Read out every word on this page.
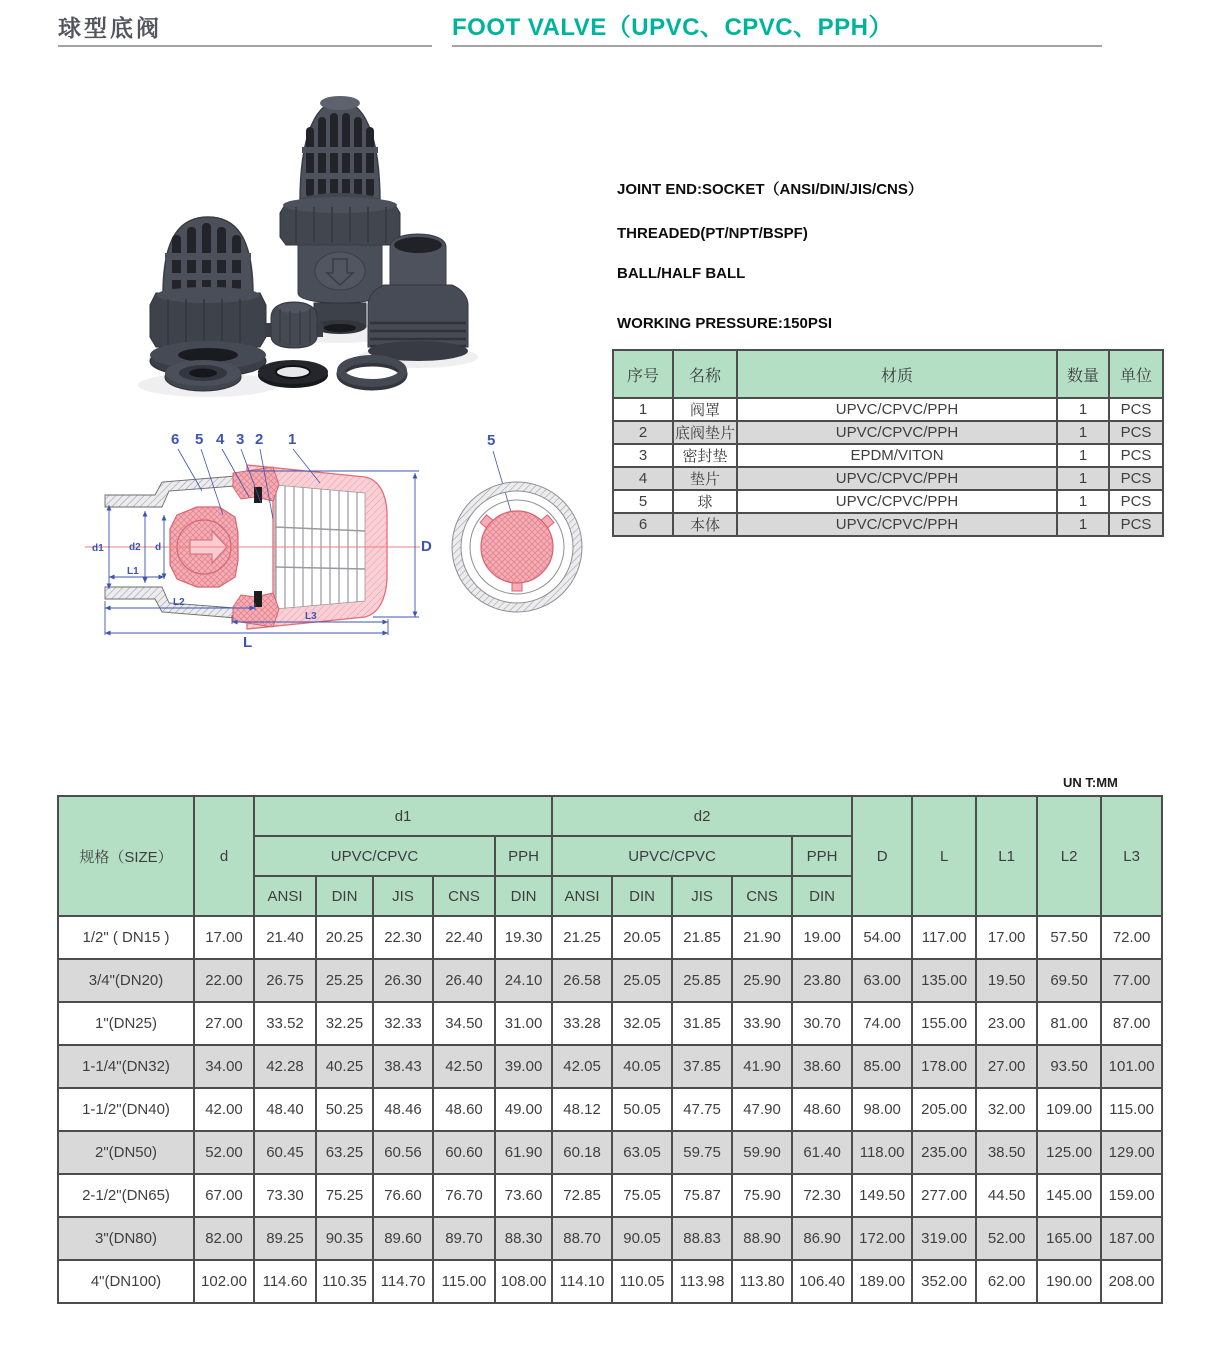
球型底阀	FOOT VALVE（UPVC、CPVC、PPH）
JOINT END:SOCKET（ANSI/DIN/JIS/CNS）
THREADED(PT/NPT/BSPF)
BALL/HALF BALL
WORKING PRESSURE:150PSI
序号	名称	材质	数量	单位
1	阀罩	UPVC/CPVC/PPH	1	PCS
2	底阀垫片	UPVC/CPVC/PPH	1	PCS
3	密封垫	EPDM/VITON	1	PCS
4	垫片	UPVC/CPVC/PPH	1	PCS
5	球	UPVC/CPVC/PPH	1	PCS
6	本体	UPVC/CPVC/PPH	1	PCS
d1	d2 d
L1
L2
L
L3
D
6 5 4 3 2 1	5
UN T:MM
规格（SIZE）	d	d1					d2					D	L	L1	L2	L3
		UPVC/CPVC				PPH	UPVC/CPVC				PPH					
		ANSI	DIN	JIS	CNS	DIN	ANSI	DIN	JIS	CNS	DIN					
1/2" ( DN15 )	17.00	21.40	20.25	22.30	22.40	19.30	21.25	20.05	21.85	21.90	19.00	54.00	117.00	17.00	57.50	72.00
3/4"(DN20)	22.00	26.75	25.25	26.30	26.40	24.10	26.58	25.05	25.85	25.90	23.80	63.00	135.00	19.50	69.50	77.00
1"(DN25)	27.00	33.52	32.25	32.33	34.50	31.00	33.28	32.05	31.85	33.90	30.70	74.00	155.00	23.00	81.00	87.00
1-1/4"(DN32)	34.00	42.28	40.25	38.43	42.50	39.00	42.05	40.05	37.85	41.90	38.60	85.00	178.00	27.00	93.50	101.00
1-1/2"(DN40)	42.00	48.40	50.25	48.46	48.60	49.00	48.12	50.05	47.75	47.90	48.60	98.00	205.00	32.00	109.00	115.00
2"(DN50)	52.00	60.45	63.25	60.56	60.60	61.90	60.18	63.05	59.75	59.90	61.40	118.00	235.00	38.50	125.00	129.00
2-1/2"(DN65)	67.00	73.30	75.25	76.60	76.70	73.60	72.85	75.05	75.87	75.90	72.30	149.50	277.00	44.50	145.00	159.00
3"(DN80)	82.00	89.25	90.35	89.60	89.70	88.30	88.70	90.05	88.83	88.90	86.90	172.00	319.00	52.00	165.00	187.00
4"(DN100)	102.00	114.60	110.35	114.70	115.00	108.00	114.10	110.05	113.98	113.80	106.40	189.00	352.00	62.00	190.00	208.00
